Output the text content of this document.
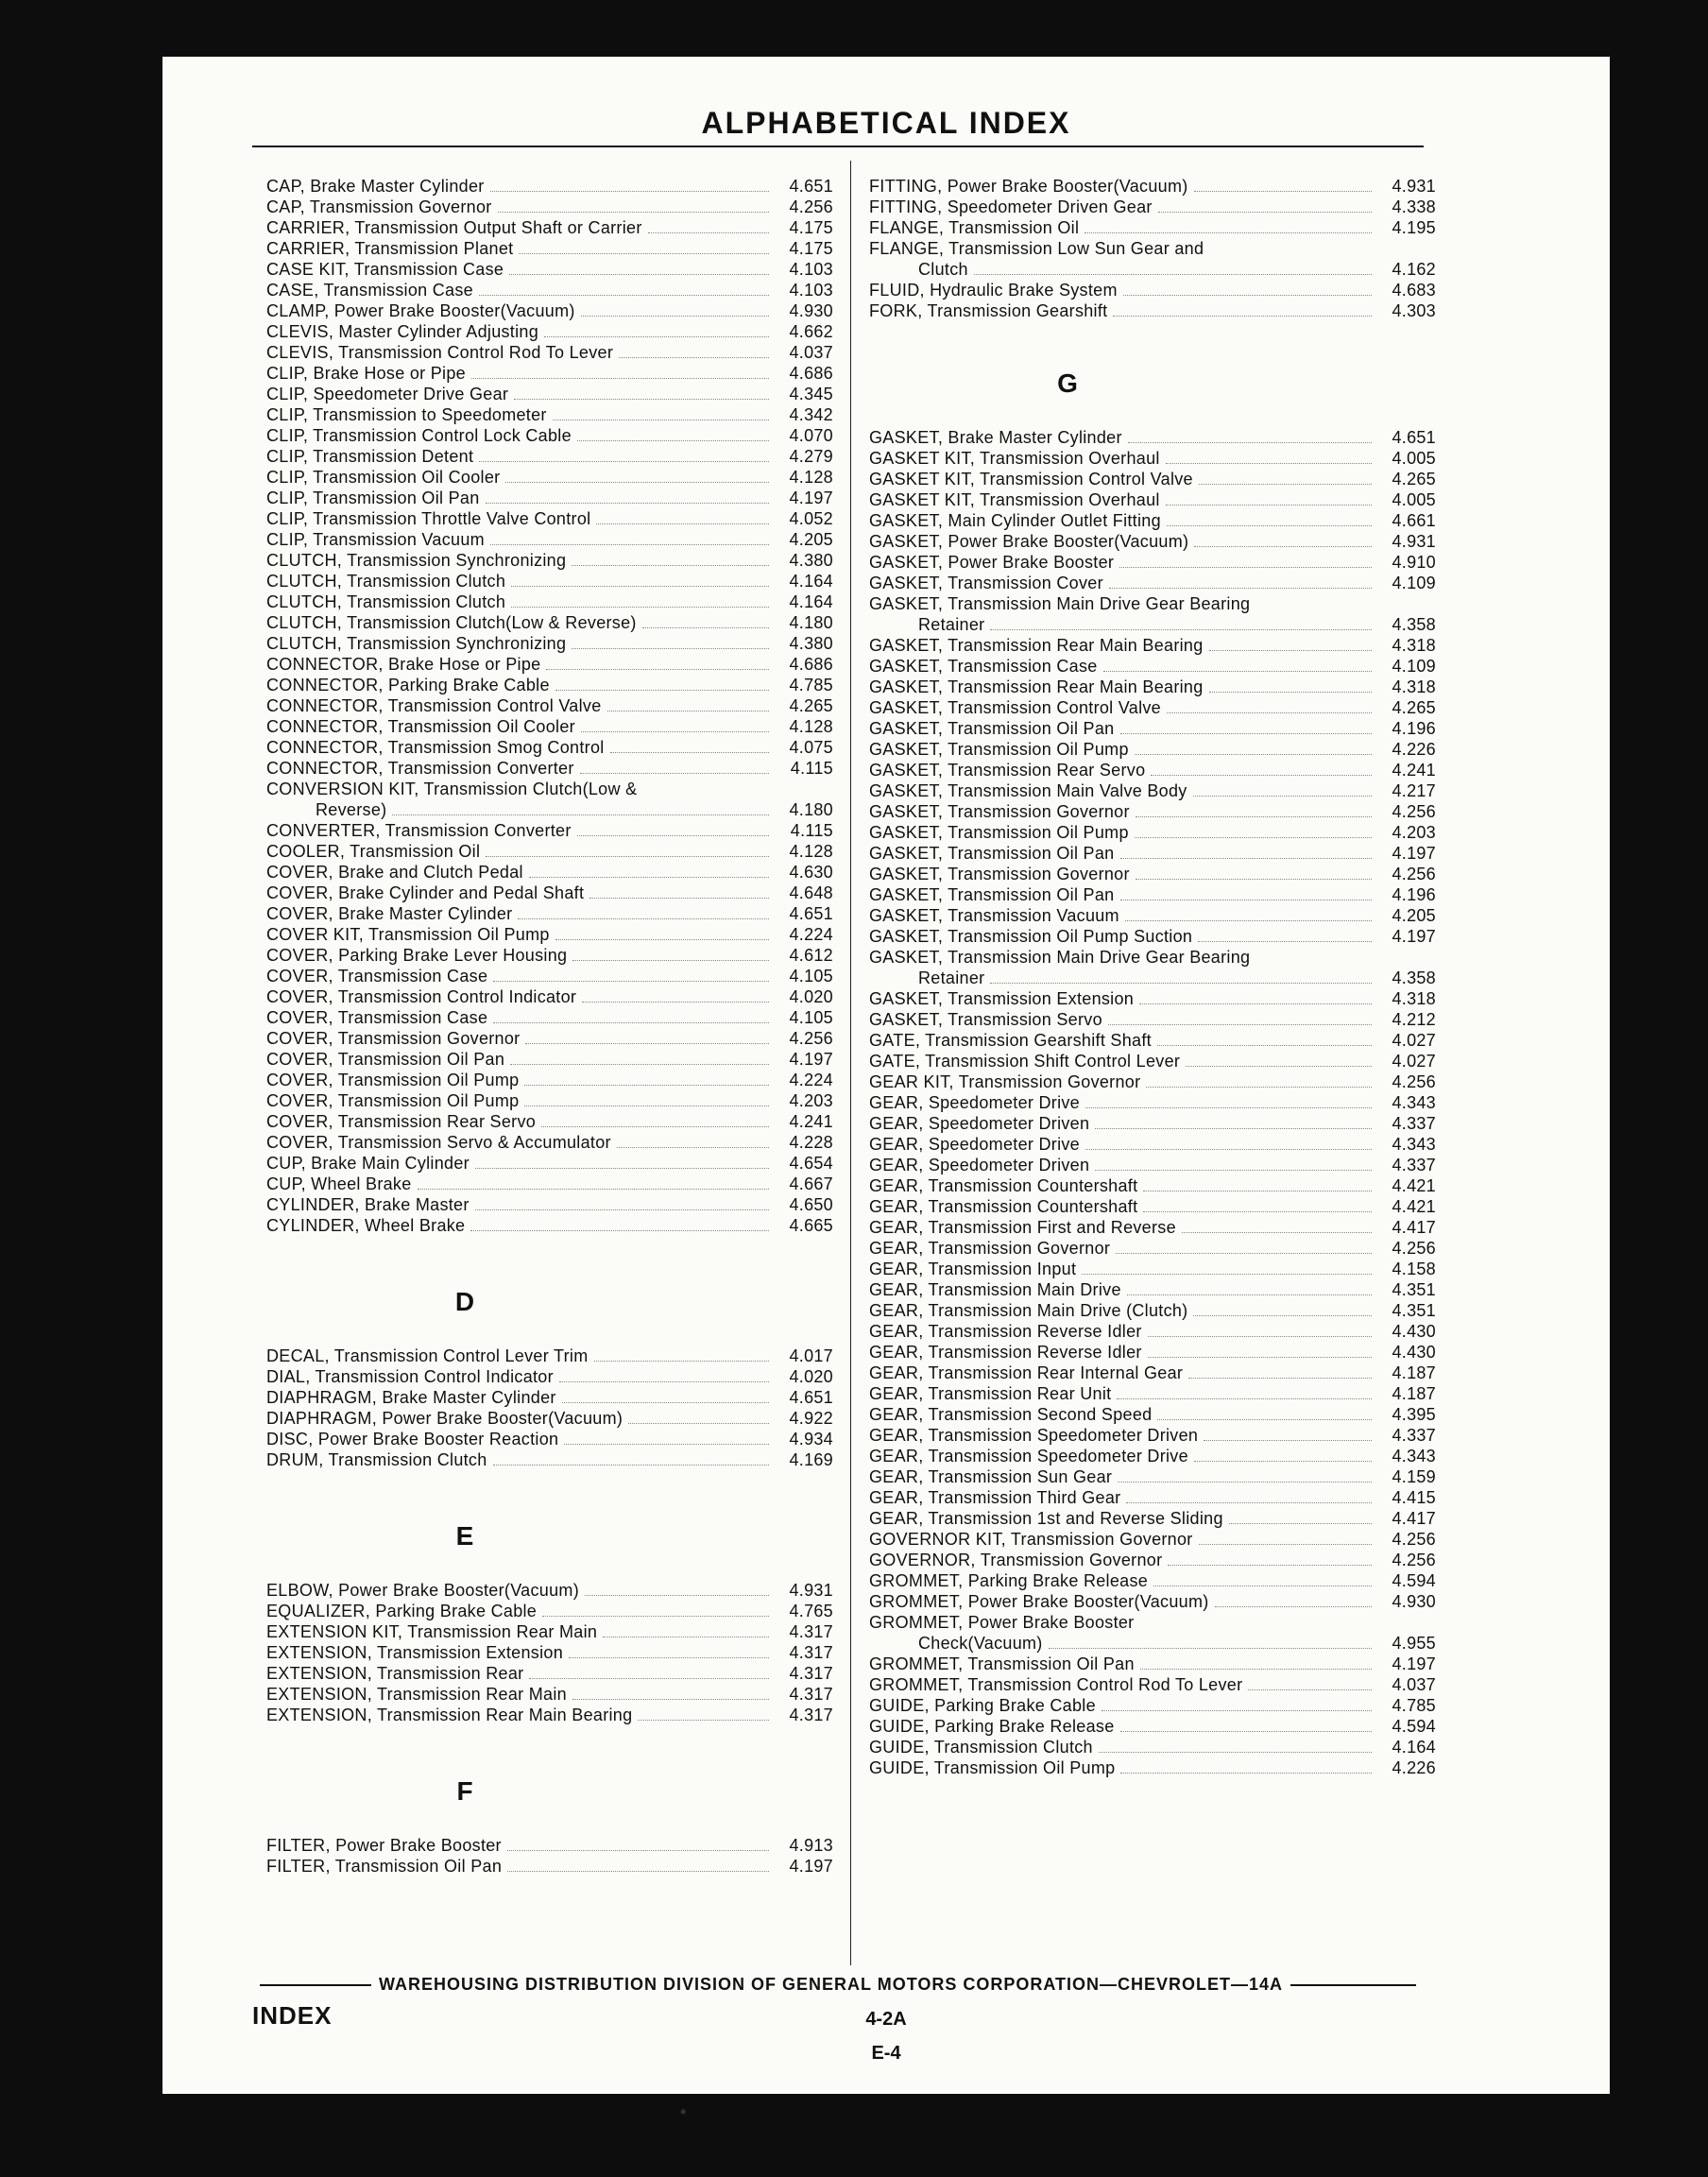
ALPHABETICAL INDEX
CAP, Brake Master Cylinder	4.651
CAP, Transmission Governor	4.256
CARRIER, Transmission Output Shaft or Carrier	4.175
CARRIER, Transmission Planet	4.175
CASE KIT, Transmission Case	4.103
CASE, Transmission Case	4.103
CLAMP, Power Brake Booster(Vacuum)	4.930
CLEVIS, Master Cylinder Adjusting	4.662
CLEVIS, Transmission Control Rod To Lever	4.037
CLIP, Brake Hose or Pipe	4.686
CLIP, Speedometer Drive Gear	4.345
CLIP, Transmission to Speedometer	4.342
CLIP, Transmission Control Lock Cable	4.070
CLIP, Transmission Detent	4.279
CLIP, Transmission Oil Cooler	4.128
CLIP, Transmission Oil Pan	4.197
CLIP, Transmission Throttle Valve Control	4.052
CLIP, Transmission Vacuum	4.205
CLUTCH, Transmission Synchronizing	4.380
CLUTCH, Transmission Clutch	4.164
CLUTCH, Transmission Clutch	4.164
CLUTCH, Transmission Clutch(Low & Reverse)	4.180
CLUTCH, Transmission Synchronizing	4.380
CONNECTOR, Brake Hose or Pipe	4.686
CONNECTOR, Parking Brake Cable	4.785
CONNECTOR, Transmission Control Valve	4.265
CONNECTOR, Transmission Oil Cooler	4.128
CONNECTOR, Transmission Smog Control	4.075
CONNECTOR, Transmission Converter	4.115
CONVERSION KIT, Transmission Clutch(Low &
Reverse)	4.180
CONVERTER, Transmission Converter	4.115
COOLER, Transmission Oil	4.128
COVER, Brake and Clutch Pedal	4.630
COVER, Brake Cylinder and Pedal Shaft	4.648
COVER, Brake Master Cylinder	4.651
COVER KIT, Transmission Oil Pump	4.224
COVER, Parking Brake Lever Housing	4.612
COVER, Transmission Case	4.105
COVER, Transmission Control Indicator	4.020
COVER, Transmission Case	4.105
COVER, Transmission Governor	4.256
COVER, Transmission Oil Pan	4.197
COVER, Transmission Oil Pump	4.224
COVER, Transmission Oil Pump	4.203
COVER, Transmission Rear Servo	4.241
COVER, Transmission Servo & Accumulator	4.228
CUP, Brake Main Cylinder	4.654
CUP, Wheel Brake	4.667
CYLINDER, Brake Master	4.650
CYLINDER, Wheel Brake	4.665
D
DECAL, Transmission Control Lever Trim	4.017
DIAL, Transmission Control Indicator	4.020
DIAPHRAGM, Brake Master Cylinder	4.651
DIAPHRAGM, Power Brake Booster(Vacuum)	4.922
DISC, Power Brake Booster Reaction	4.934
DRUM, Transmission Clutch	4.169
E
ELBOW, Power Brake Booster(Vacuum)	4.931
EQUALIZER, Parking Brake Cable	4.765
EXTENSION KIT, Transmission Rear Main	4.317
EXTENSION, Transmission Extension	4.317
EXTENSION, Transmission Rear	4.317
EXTENSION, Transmission Rear Main	4.317
EXTENSION, Transmission Rear Main Bearing	4.317
F
FILTER, Power Brake Booster	4.913
FILTER, Transmission Oil Pan	4.197
FITTING, Power Brake Booster(Vacuum)	4.931
FITTING, Speedometer Driven Gear	4.338
FLANGE, Transmission Oil	4.195
FLANGE, Transmission Low Sun Gear and
Clutch	4.162
FLUID, Hydraulic Brake System	4.683
FORK, Transmission Gearshift	4.303
G
GASKET, Brake Master Cylinder	4.651
GASKET KIT, Transmission Overhaul	4.005
GASKET KIT, Transmission Control Valve	4.265
GASKET KIT, Transmission Overhaul	4.005
GASKET, Main Cylinder Outlet Fitting	4.661
GASKET, Power Brake Booster(Vacuum)	4.931
GASKET, Power Brake Booster	4.910
GASKET, Transmission Cover	4.109
GASKET, Transmission Main Drive Gear Bearing
Retainer	4.358
GASKET, Transmission Rear Main Bearing	4.318
GASKET, Transmission Case	4.109
GASKET, Transmission Rear Main Bearing	4.318
GASKET, Transmission Control Valve	4.265
GASKET, Transmission Oil Pan	4.196
GASKET, Transmission Oil Pump	4.226
GASKET, Transmission Rear Servo	4.241
GASKET, Transmission Main Valve Body	4.217
GASKET, Transmission Governor	4.256
GASKET, Transmission Oil Pump	4.203
GASKET, Transmission Oil Pan	4.197
GASKET, Transmission Governor	4.256
GASKET, Transmission Oil Pan	4.196
GASKET, Transmission Vacuum	4.205
GASKET, Transmission Oil Pump Suction	4.197
GASKET, Transmission Main Drive Gear Bearing
Retainer	4.358
GASKET, Transmission Extension	4.318
GASKET, Transmission Servo	4.212
GATE, Transmission Gearshift Shaft	4.027
GATE, Transmission Shift Control Lever	4.027
GEAR KIT, Transmission Governor	4.256
GEAR, Speedometer Drive	4.343
GEAR, Speedometer Driven	4.337
GEAR, Speedometer Drive	4.343
GEAR, Speedometer Driven	4.337
GEAR, Transmission Countershaft	4.421
GEAR, Transmission Countershaft	4.421
GEAR, Transmission First and Reverse	4.417
GEAR, Transmission Governor	4.256
GEAR, Transmission Input	4.158
GEAR, Transmission Main Drive	4.351
GEAR, Transmission Main Drive (Clutch)	4.351
GEAR, Transmission Reverse Idler	4.430
GEAR, Transmission Reverse Idler	4.430
GEAR, Transmission Rear Internal Gear	4.187
GEAR, Transmission Rear Unit	4.187
GEAR, Transmission Second Speed	4.395
GEAR, Transmission Speedometer Driven	4.337
GEAR, Transmission Speedometer Drive	4.343
GEAR, Transmission Sun Gear	4.159
GEAR, Transmission Third Gear	4.415
GEAR, Transmission 1st and Reverse Sliding	4.417
GOVERNOR KIT, Transmission Governor	4.256
GOVERNOR, Transmission Governor	4.256
GROMMET, Parking Brake Release	4.594
GROMMET, Power Brake Booster(Vacuum)	4.930
GROMMET, Power Brake Booster
Check(Vacuum)	4.955
GROMMET, Transmission Oil Pan	4.197
GROMMET, Transmission Control Rod To Lever	4.037
GUIDE, Parking Brake Cable	4.785
GUIDE, Parking Brake Release	4.594
GUIDE, Transmission Clutch	4.164
GUIDE, Transmission Oil Pump	4.226
WAREHOUSING DISTRIBUTION DIVISION OF GENERAL MOTORS CORPORATION—CHEVROLET—14A
INDEX	4-2A
E-4
